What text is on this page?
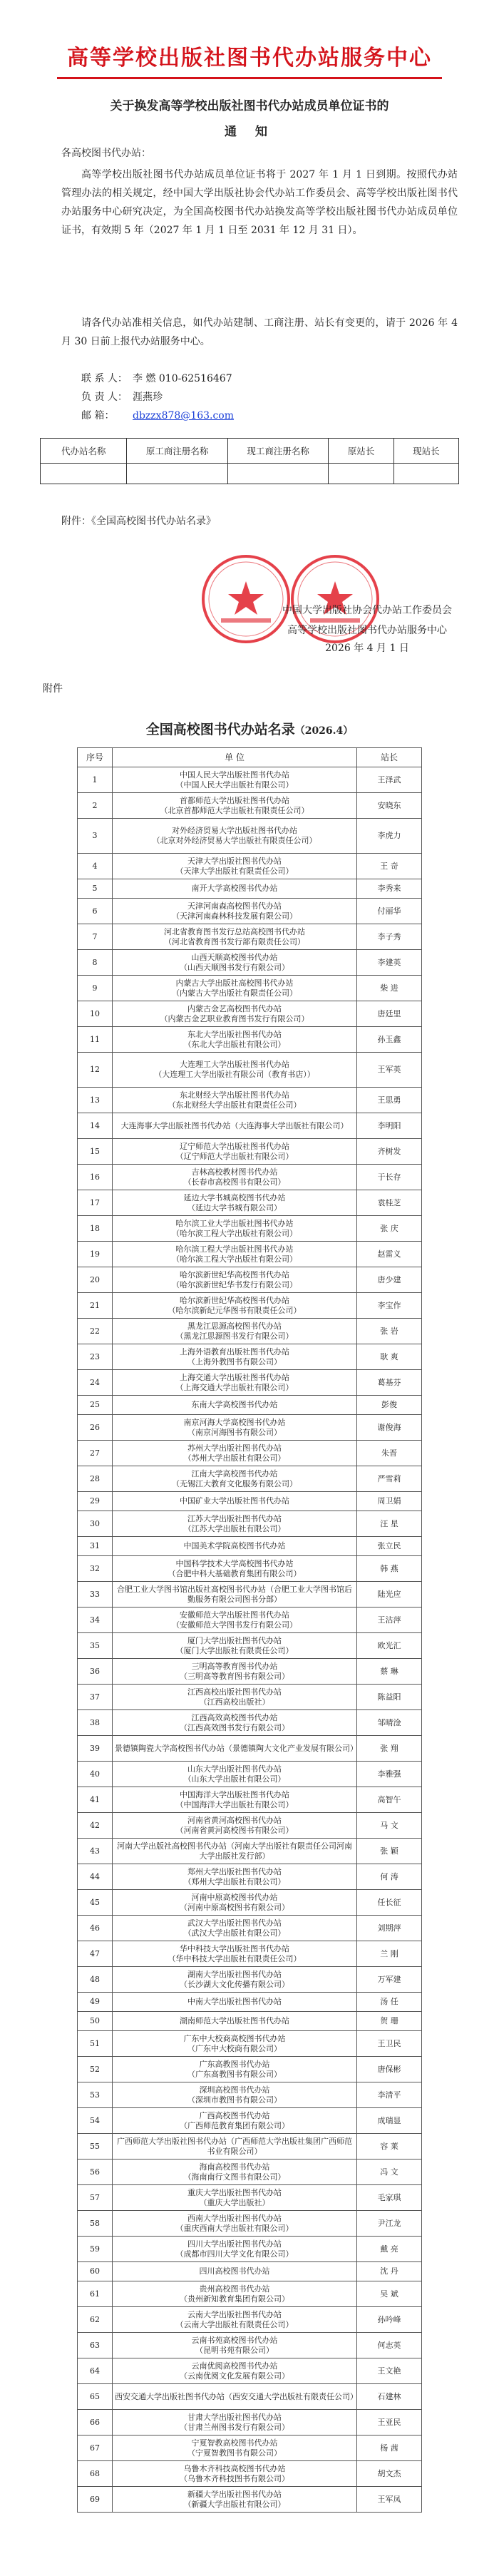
高等学校出版社图书代办站服务中心
关于换发高等学校出版社图书代办站成员单位证书的
通 知

各高校图书代办站：

高等学校出版社图书代办站成员单位证书将于 2027 年 1 月 1 日到期。按照代办站管理办法的相关规定，经中国大学出版社协会代办站工作委员会、高等学校出版社图书代办站服务中心研究决定，为全国高校图书代办站换发高等学校出版社图书代办站成员单位证书，有效期 5 年（2027 年 1 月 1 日至 2031 年 12 月 31 日）。

请各代办站准相关信息，如代办站建制、工商注册、站长有变更的，请于 2026 年 4 月 30 日前上报代办站服务中心。

联 系 人： 李 燃 010-62516467

负 责 人： 涯燕珍

邮 箱： dbzzx878@163.com

代办站名称	原工商注册名称	现工商注册名称	原站长	现站长

附件：《全国高校图书代办站名录》

中国大学出版社协会代办站工作委员会

高等学校出版社图书代办站服务中心

2026 年 4 月 1 日

附件

全国高校图书代办站名录（2026.4）
序号	单 位	站长
1	中国人民大学出版社图书代办站
（中国人民大学出版社有限公司）	王泽武
2	首都师范大学出版社图书代办站
（北京首都师范大学出版社有限责任公司）	安晓东
3	对外经济贸易大学出版社图书代办站
（北京对外经济贸易大学出版社有限责任公司）	李虎力
4	天津大学出版社图书代办站
（天津大学出版社有限责任公司）	王 奇
5	南开大学高校图书代办站	李秀来
6	天津河南森高校图书代办站
（天津河南森林科技发展有限公司）	付丽华
7	河北省教育图书发行总站高校图书代办站
（河北省教育图书发行部有限责任公司）	李子秀
8	山西天顺高校图书代办站
（山西天顺图书发行有限公司）	李建英
9	内蒙古大学出版社高校图书代办站
（内蒙古大学出版社有限责任公司）	柴 进
10	内蒙古金艺高校图书代办站
（内蒙古金艺职业教育图书发行有限公司）	唐廷里
11	东北大学出版社图书代办站
（东北大学出版社有限公司）	孙玉鑫
12	大连理工大学出版社图书代办站
（大连理工大学出版社有限公司（教育书店））	王军英
13	东北财经大学出版社图书代办站
（东北财经大学出版社有限责任公司）	王思勇
14	大连海事大学出版社图书代办站（大连海事大学出版社有限公司）	李明阳
15	辽宁师范大学出版社图书代办站
（辽宁师范大学出版社有限公司）	齐树发
16	吉林高校教材图书代办站
（长春市高校图书有限公司）	于长存
17	延边大学书城高校图书代办站
（延边大学书城有限公司）	袁桂芝
18	哈尔滨工业大学出版社图书代办站
（哈尔滨工程大学出版社有限公司）	张 庆
19	哈尔滨工程大学出版社图书代办站
（哈尔滨工程大学出版社有限公司）	赵雷义
20	哈尔滨新世纪华高校图书代办站
（哈尔滨新世纪华书发行有限公司）	唐少建
21	哈尔滨新世纪华高校图书代办站
（哈尔滨新纪元华图书有限责任公司）	李宝作
22	黑龙江思源高校图书代办站
（黑龙江思源图书发行有限公司）	张 岩
23	上海外语教育出版社图书代办站
（上海外教图书有限公司）	耿 爽
24	上海交通大学出版社图书代办站
（上海交通大学出版社有限公司）	葛基芬
25	东南大学高校图书代办站	彭俊
26	南京河海大学高校图书代办站
（南京河海图书有限公司）	谢俊海
27	苏州大学出版社图书代办站
（苏州大学出版社有限公司）	朱晋
28	江南大学高校图书代办站
（无锡江大教育文化服务有限公司）	严雪莉
29	中国矿业大学出版社图书代办站	周卫娟
30	江苏大学出版社图书代办站
（江苏大学出版社有限公司）	汪 星
31	中国美术学院高校图书代办站	张立民
32	中国科学技术大学高校图书代办站
（合肥中科大基础教育集团有限公司）	韩 燕
33	合肥工业大学图书馆出版社高校图书代办站（合肥工业大学图书馆后勤服务有限公司图书分部）	陆光应
34	安徽师范大学出版社图书代办站
（安徽师范大学图书发行有限公司）	王沾萍
35	厦门大学出版社图书代办站
（厦门大学出版社有限责任公司）	欧光汇
36	三明高等教育图书代办站
（三明高等教育图书有限公司）	蔡 琳
37	江西高校出版社图书代办站
（江西高校出版社）	陈益阳
38	江西高效高校图书代办站
（江西高效图书发行有限公司）	邹晴淦
39	景德镇陶瓷大学高校图书代办站（景德镇陶大文化产业发展有限公司）	张 翔
40	山东大学出版社图书代办站
（山东大学出版社有限公司）	李雅强
41	中国海洋大学出版社图书代办站
（中国海洋大学出版社有限公司）	高智午
42	河南省黄河高校图书代办站
（河南省黄河高校图书有限公司）	马 文
43	河南大学出版社高校图书代办站（河南大学出版社有限责任公司河南大学出版社发行部）	张 颖
44	郑州大学出版社图书代办站
（郑州大学出版社有限公司）	何 涛
45	河南中原高校图书代办站
（河南中原高校图书有限公司）	任长征
46	武汉大学出版社图书代办站
（武汉大学出版社有限公司）	刘期萍
47	华中科技大学出版社图书代办站
（华中科技大学出版社有限责任公司）	兰 刚
48	湖南大学出版社图书代办站
（长沙湖大文化传播有限公司）	万军建
49	中南大学出版社图书代办站	汤 任
50	湖南师范大学出版社图书代办站	贺 珊
51	广东中大校商高校图书代办站
（广东中大校商有限公司）	王卫民
52	广东高教图书代办站
（广东高教图书有限公司）	唐保彬
53	深圳高校图书代办站
（深圳市教图书有限公司）	李清平
54	广西高校图书代办站
（广西师范教育集团有限公司）	成瑞显
55	广西师范大学出版社图书代办站（广西师范大学出版社集团广西师范书业有限公司）	容 莱
56	海南高校图书代办站
（海南南行文图书有限公司）	冯 文
57	重庆大学出版社图书代办站
（重庆大学出版社）	毛家琪
58	西南大学出版社图书代办站
（重庆西南大学出版社有限公司）	尹江龙
59	四川大学出版社图书代办站
（成都市四川大学文化有限公司）	戴 亮
60	四川高校图书代办站	沈 丹
61	贵州高校图书代办站
（贵州新知教育集团有限公司）	吴 斌
62	云南大学出版社图书代办站
（云南大学出版社有限责任公司）	孙吟峰
63	云南书苑高校图书代办站
（昆明书苑有限公司）	何志英
64	云南优阅高校图书代办站
（云南优阅文化发展有限公司）	王文艳
65	西安交通大学出版社图书代办站（西安交通大学出版社有限责任公司）	石建林
66	甘肃大学出版社图书代办站
（甘肃兰州图书发行有限公司）	王亚民
67	宁夏智教高校图书代办站
（宁夏智教图书有限公司）	杨 茜
68	乌鲁木齐科技高校图书代办站
（乌鲁木齐科技图书有限公司）	胡文杰
69	新疆大学出版社图书代办站
（新疆大学出版社有限公司）	王军凤
